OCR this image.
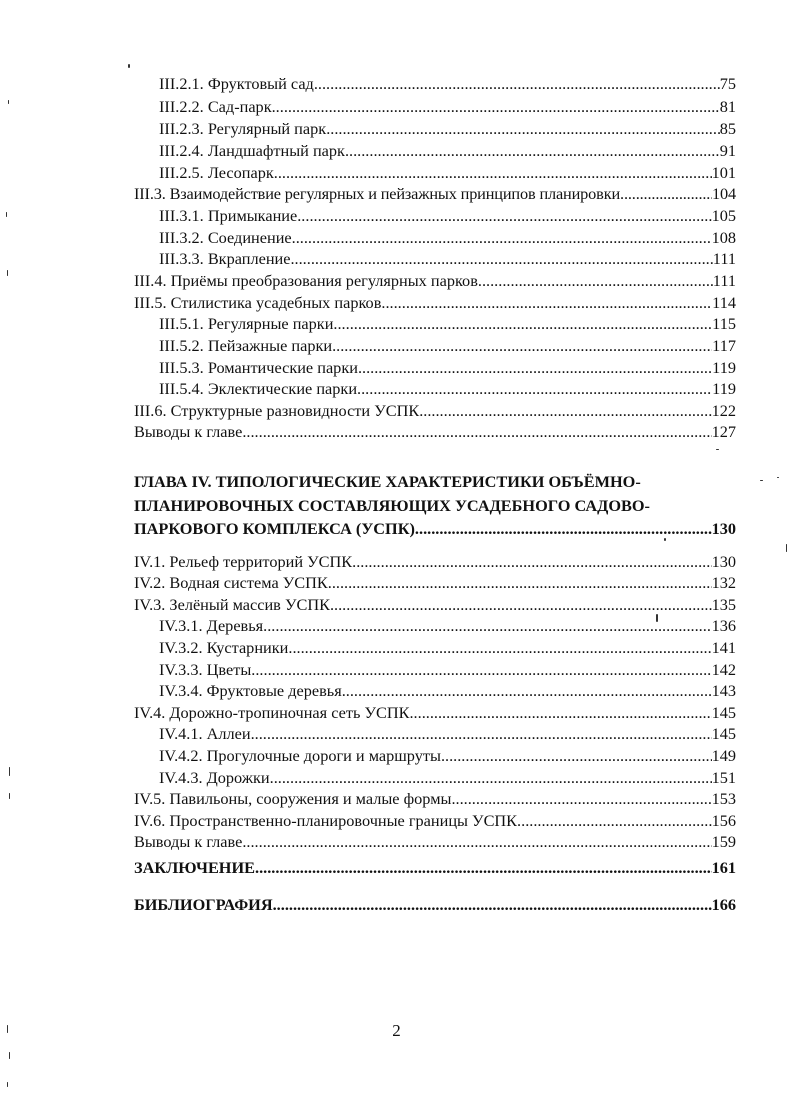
III.2.1. Фруктовый сад .....	75
III.2.2. Сад-парк .....	81
III.2.3. Регулярный парк .....	85
III.2.4. Ландшафтный парк .....	91
III.2.5. Лесопарк .....	101
III.3. Взаимодействие регулярных и пейзажных принципов планировки .....	104
III.3.1. Примыкание .....	105
III.3.2. Соединение .....	108
III.3.3. Вкрапление .....	111
III.4. Приёмы преобразования регулярных парков .....	111
III.5. Стилистика усадебных парков .....	114
III.5.1. Регулярные парки .....	115
III.5.2. Пейзажные парки .....	117
III.5.3. Романтические парки .....	119
III.5.4. Эклектические парки .....	119
III.6. Структурные разновидности УСПК .....	122
Выводы к главе .....	127
ГЛАВА IV. ТИПОЛОГИЧЕСКИЕ ХАРАКТЕРИСТИКИ ОБЪЁМНО-
ПЛАНИРОВОЧНЫХ СОСТАВЛЯЮЩИХ УСАДЕБНОГО САДОВО-
ПАРКОВОГО КОМПЛЕКСА (УСПК) .....	130
IV.1. Рельеф территорий УСПК .....	130
IV.2. Водная система УСПК .....	132
IV.3. Зелёный массив УСПК .....	135
IV.3.1. Деревья .....	136
IV.3.2. Кустарники .....	141
IV.3.3. Цветы .....	142
IV.3.4. Фруктовые деревья .....	143
IV.4. Дорожно-тропиночная сеть УСПК .....	145
IV.4.1. Аллеи .....	145
IV.4.2. Прогулочные дороги и маршруты .....	149
IV.4.3. Дорожки .....	151
IV.5. Павильоны, сооружения и малые формы .....	153
IV.6. Пространственно-планировочные границы УСПК .....	156
Выводы к главе .....	159
ЗАКЛЮЧЕНИЕ .....	161
БИБЛИОГРАФИЯ .....	166
2
